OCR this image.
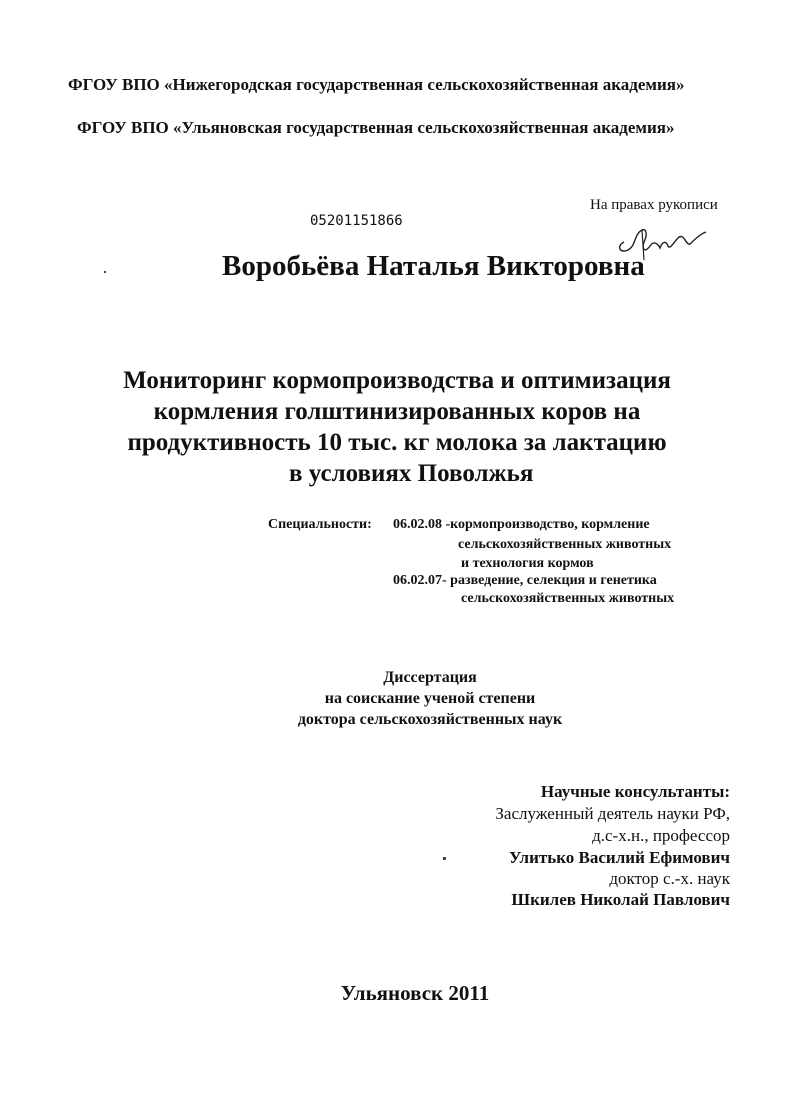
ФГОУ ВПО «Нижегородская государственная сельскохозяйственная академия»
ФГОУ ВПО «Ульяновская государственная сельскохозяйственная академия»
05201151866
На правах рукописи
Воробьёва Наталья Викторовна
Мониторинг кормопроизводства и оптимизация
кормления голштинизированных коров на
продуктивность 10 тыс. кг молока за лактацию
в условиях Поволжья
Специальности: 06.02.08 -кормопроизводство, кормление
сельскохозяйственных животных
и технология кормов
06.02.07- разведение, селекция и генетика
сельскохозяйственных животных
Диссертация
на соискание ученой степени
доктора сельскохозяйственных наук
Научные консультанты:
Заслуженный деятель науки РФ,
д.с-х.н., профессор
Улитько Василий Ефимович
доктор с.-х. наук
Шкилев Николай Павлович
Ульяновск 2011
